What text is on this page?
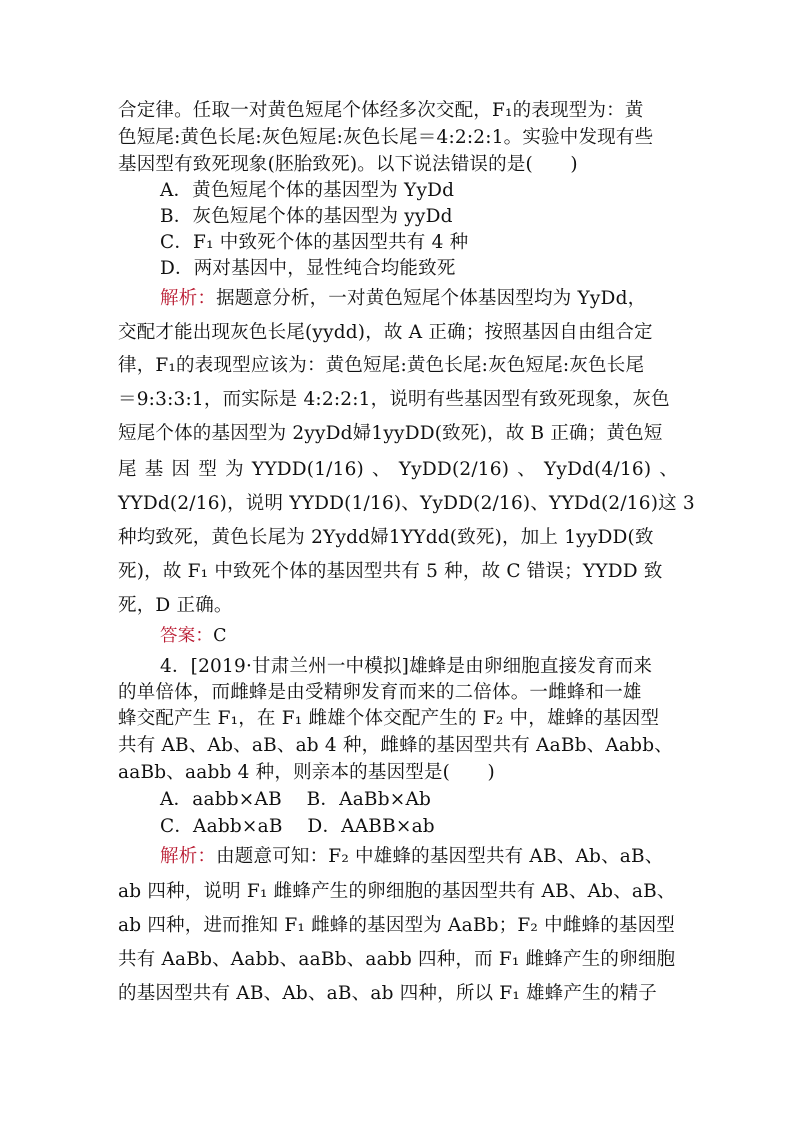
合定律。任取一对黄色短尾个体经多次交配，F₁的表现型为：黄
色短尾:黄色长尾:灰色短尾:灰色长尾＝4:2:2:1。实验中发现有些
基因型有致死现象(胚胎致死)。以下说法错误的是(　　)
A．黄色短尾个体的基因型为 YyDd
B．灰色短尾个体的基因型为 yyDd
C．F₁ 中致死个体的基因型共有 4 种
D．两对基因中，显性纯合均能致死
解析：据题意分析，一对黄色短尾个体基因型均为 YyDd，
交配才能出现灰色长尾(yydd)，故 A 正确；按照基因自由组合定
律，F₁的表现型应该为：黄色短尾:黄色长尾:灰色短尾:灰色长尾
＝9:3:3:1，而实际是 4:2:2:1，说明有些基因型有致死现象，灰色
短尾个体的基因型为 2yyDd婦1yyDD(致死)，故 B 正确；黄色短
尾 基 因 型 为 YYDD(1/16) 、 YyDD(2/16) 、 YyDd(4/16) 、
YYDd(2/16)，说明 YYDD(1/16)、YyDD(2/16)、YYDd(2/16)这 3
种均致死，黄色长尾为 2Yydd婦1YYdd(致死)，加上 1yyDD(致
死)，故 F₁ 中致死个体的基因型共有 5 种，故 C 错误；YYDD 致
死，D 正确。
答案：C
4．[2019·甘肃兰州一中模拟]雄蜂是由卵细胞直接发育而来
的单倍体，而雌蜂是由受精卵发育而来的二倍体。一雌蜂和一雄
蜂交配产生 F₁，在 F₁ 雌雄个体交配产生的 F₂ 中，雄蜂的基因型
共有 AB、Ab、aB、ab 4 种，雌蜂的基因型共有 AaBb、Aabb、
aaBb、aabb 4 种，则亲本的基因型是(　　)
A．aabb×AB　 B．AaBb×Ab
C．Aabb×aB　 D．AABB×ab
解析：由题意可知：F₂ 中雄蜂的基因型共有 AB、Ab、aB、
ab 四种，说明 F₁ 雌蜂产生的卵细胞的基因型共有 AB、Ab、aB、
ab 四种，进而推知 F₁ 雌蜂的基因型为 AaBb；F₂ 中雌蜂的基因型
共有 AaBb、Aabb、aaBb、aabb 四种，而 F₁ 雌蜂产生的卵细胞
的基因型共有 AB、Ab、aB、ab 四种，所以 F₁ 雄蜂产生的精子
